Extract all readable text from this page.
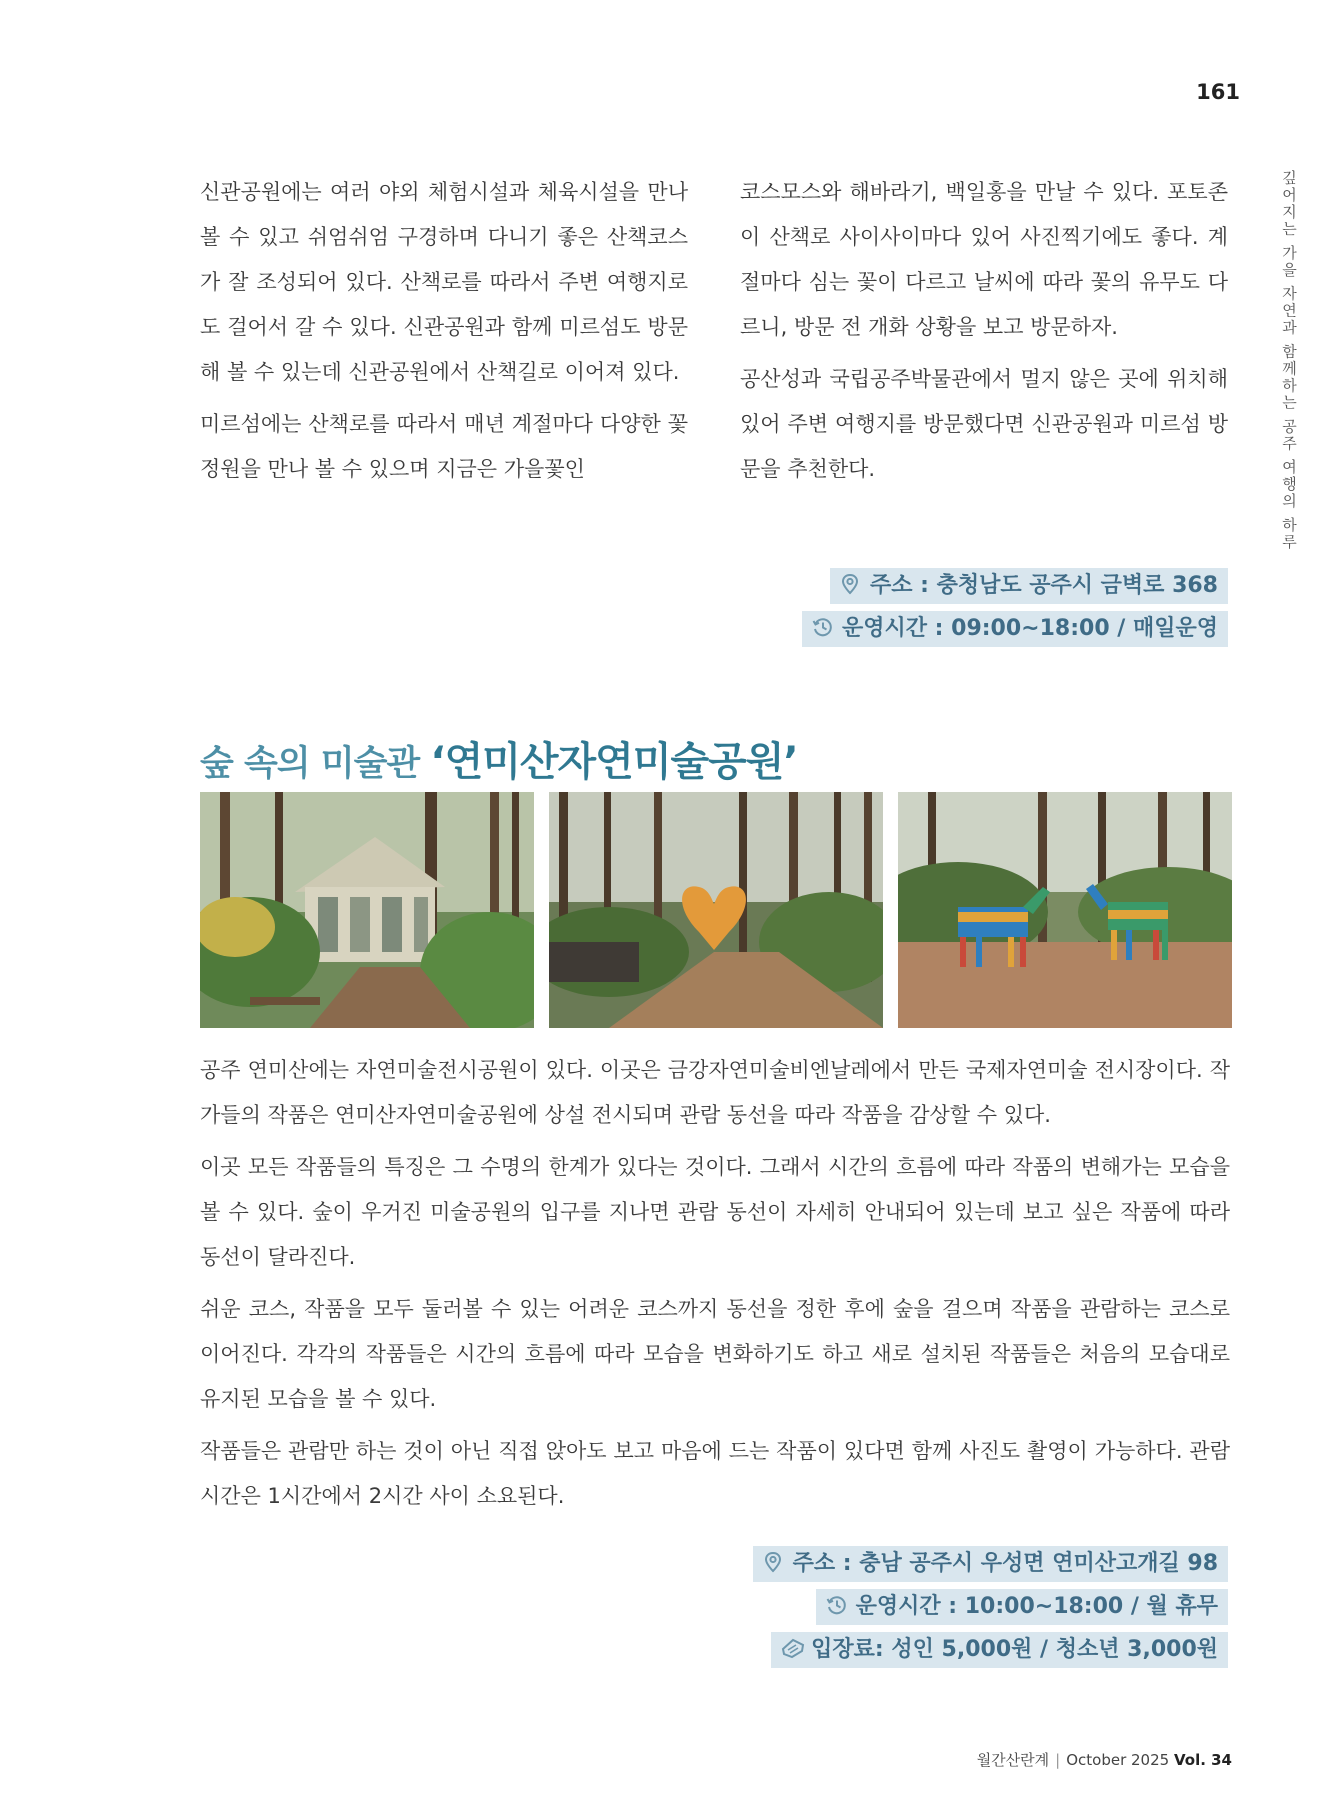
161
깊어지는 가을 자연과 함께하는 공주 여행의 하루

신관공원에는 여러 야외 체험시설과 체육시설을 만나 볼 수 있고 쉬엄쉬엄 구경하며 다니기 좋은 산책코스가 잘 조성되어 있다. 산책로를 따라서 주변 여행지로도 걸어서 갈 수 있다. 신관공원과 함께 미르섬도 방문해 볼 수 있는데 신관공원에서 산책길로 이어져 있다.

미르섬에는 산책로를 따라서 매년 계절마다 다양한 꽃정원을 만나 볼 수 있으며 지금은 가을꽃인

코스모스와 해바라기, 백일홍을 만날 수 있다. 포토존이 산책로 사이사이마다 있어 사진찍기에도 좋다. 계절마다 심는 꽃이 다르고 날씨에 따라 꽃의 유무도 다르니, 방문 전 개화 상황을 보고 방문하자.

공산성과 국립공주박물관에서 멀지 않은 곳에 위치해 있어 주변 여행지를 방문했다면 신관공원과 미르섬 방문을 추천한다.

주소 : 충청남도 공주시 금벽로 368
운영시간 : 09:00~18:00 / 매일운영
숲 속의 미술관 ‘연미산자연미술공원’

공주 연미산에는 자연미술전시공원이 있다. 이곳은 금강자연미술비엔날레에서 만든 국제자연미술 전시장이다. 작가들의 작품은 연미산자연미술공원에 상설 전시되며 관람 동선을 따라 작품을 감상할 수 있다.

이곳 모든 작품들의 특징은 그 수명의 한계가 있다는 것이다. 그래서 시간의 흐름에 따라 작품의 변해가는 모습을 볼 수 있다. 숲이 우거진 미술공원의 입구를 지나면 관람 동선이 자세히 안내되어 있는데 보고 싶은 작품에 따라 동선이 달라진다.

쉬운 코스, 작품을 모두 둘러볼 수 있는 어려운 코스까지 동선을 정한 후에 숲을 걸으며 작품을 관람하는 코스로 이어진다. 각각의 작품들은 시간의 흐름에 따라 모습을 변화하기도 하고 새로 설치된 작품들은 처음의 모습대로 유지된 모습을 볼 수 있다.

작품들은 관람만 하는 것이 아닌 직접 앉아도 보고 마음에 드는 작품이 있다면 함께 사진도 촬영이 가능하다. 관람 시간은 1시간에서 2시간 사이 소요된다.

주소 : 충남 공주시 우성면 연미산고개길 98
운영시간 : 10:00~18:00 / 월 휴무
입장료: 성인 5,000원 / 청소년 3,000원
월간산란계 | October 2025 Vol. 34
